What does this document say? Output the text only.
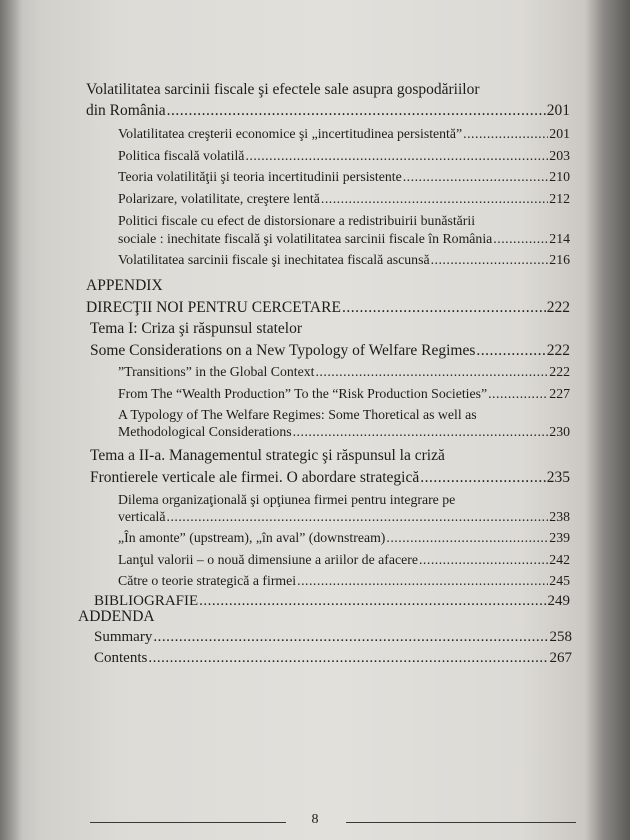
Volatilitatea sarcinii fiscale şi efectele sale asupra gospodăriilor
din România .....	201
Volatilitatea creşterii economice şi „incertitudinea persistentă” .....	201
Politica fiscală volatilă .....	203
Teoria volatilităţii şi teoria incertitudinii persistente .....	210
Polarizare, volatilitate, creştere lentă .....	212
Politici fiscale cu efect de distorsionare a redistribuirii bunăstării
sociale : inechitate fiscală şi volatilitatea sarcinii fiscale în România .....	214
Volatilitatea sarcinii fiscale şi inechitatea fiscală ascunsă .....	216
APPENDIX
DIRECŢII NOI PENTRU CERCETARE .....	222
Tema I: Criza şi răspunsul statelor
Some Considerations on a New Typology of Welfare Regimes .....	222
”Transitions” in the Global Context .....	222
From The “Wealth Production” To the “Risk Production Societies” .....	227
A Typology of The Welfare Regimes: Some Thoretical as well as
Methodological Considerations .....	230
Tema a II-a. Managementul strategic şi răspunsul la criză
Frontierele verticale ale firmei. O abordare strategică .....	235
Dilema organizaţională şi opţiunea firmei pentru integrare pe
verticală .....	238
„În amonte” (upstream), „în aval” (downstream) .....	239
Lanţul valorii – o nouă dimensiune a ariilor de afacere .....	242
Către o teorie strategică a firmei .....	245
BIBLIOGRAFIE .....	249
ADDENDA
Summary .....	258
Contents .....	267
8
